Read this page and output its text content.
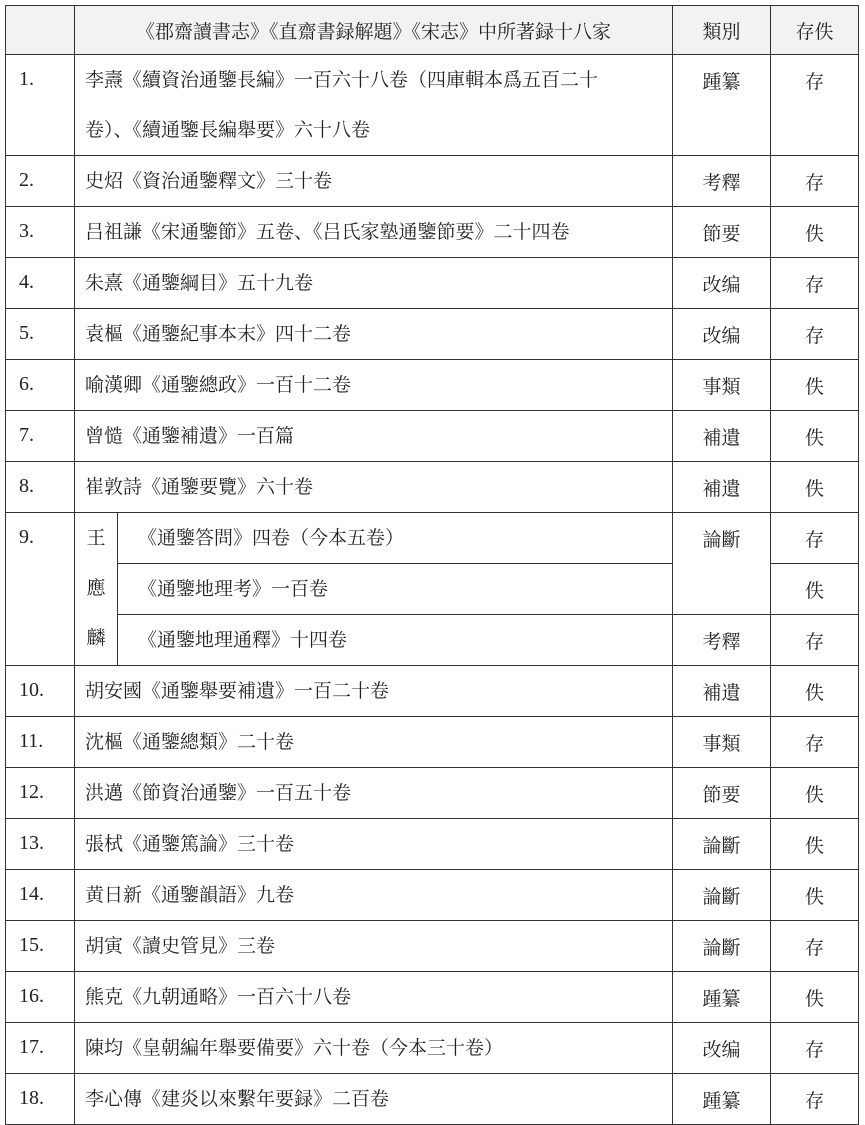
	《郡齋讀書志》《直齋書録解題》《宋志》中所著録十八家		類別	存佚
1.	李燾《續資治通鑒長編》一百六十八卷（四庫輯本爲五百二十
卷）、《續通鑒長編舉要》六十八卷		踵纂	存
2.	史炤《資治通鑒釋文》三十卷		考釋	存
3.	吕祖謙《宋通鑒節》五卷、《吕氏家塾通鑒節要》二十四卷		節要	佚
4.	朱熹《通鑒綱目》五十九卷		改编	存
5.	袁樞《通鑒紀事本末》四十二卷		改编	存
6.	喻漢卿《通鑒總政》一百十二卷		事類	佚
7.	曾慥《通鑒補遺》一百篇		補遺	佚
8.	崔敦詩《通鑒要覽》六十卷		補遺	佚
9.	王
應
麟	《通鑒答問》四卷（今本五卷）	論斷	存
		《通鑒地理考》一百卷		佚
		《通鑒地理通釋》十四卷	考釋	存
10.	胡安國《通鑒舉要補遺》一百二十卷		補遺	佚
11.	沈樞《通鑒總類》二十卷		事類	存
12.	洪邁《節資治通鑒》一百五十卷		節要	佚
13.	張栻《通鑒篤論》三十卷		論斷	佚
14.	黄日新《通鑒韻語》九卷		論斷	佚
15.	胡寅《讀史管見》三卷		論斷	存
16.	熊克《九朝通略》一百六十八卷		踵纂	佚
17.	陳均《皇朝編年舉要備要》六十卷（今本三十卷）		改编	存
18.	李心傳《建炎以來繫年要録》二百卷		踵纂	存
